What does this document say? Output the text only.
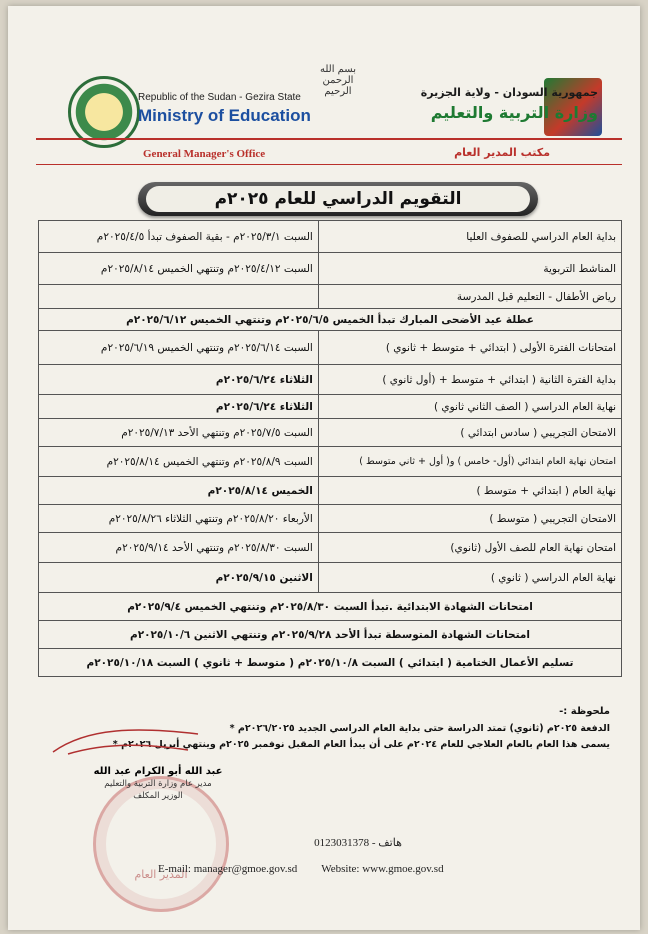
بسم الله الرحمن الرحيم
Republic of the Sudan - Gezira State
Ministry of Education
جمهورية السودان - ولاية الجزيرة
وزارة التربية والتعليم
General Manager's Office	مكتب المدير العام
التقويم الدراسي للعام ٢٠٢٥م
بداية العام الدراسي للصفوف العليا	السبت ٢٠٢٥/٣/١م - بقية الصفوف تبدأ ٢٠٢٥/٤/٥م
المناشط التربوية	السبت ٢٠٢٥/٤/١٢م وتنتهي الخميس ٢٠٢٥/٨/١٤م
رياض الأطفال - التعليم قبل المدرسة	
عطلة عيد الأضحى المبارك تبدأ الخميس ٢٠٢٥/٦/٥م وتنتهي الخميس ٢٠٢٥/٦/١٢م	
امتحانات الفترة الأولى ( ابتدائي + متوسط + ثانوي )	السبت ٢٠٢٥/٦/١٤م وتنتهي الخميس ٢٠٢٥/٦/١٩م
بداية الفترة الثانية ( ابتدائي + متوسط + (أول ثانوي )	الثلاثاء ٢٠٢٥/٦/٢٤م
نهاية العام الدراسي ( الصف الثاني ثانوي )	الثلاثاء ٢٠٢٥/٦/٢٤م
الامتحان التجريبي ( سادس ابتدائي )	السبت ٢٠٢٥/٧/٥م وتنتهي الأحد ٢٠٢٥/٧/١٣م
امتحان نهاية العام ابتدائي (أول- خامس ) و( أول + ثاني متوسط )	السبت ٢٠٢٥/٨/٩م وتنتهي الخميس ٢٠٢٥/٨/١٤م
نهاية العام ( ابتدائي + متوسط )	الخميس ٢٠٢٥/٨/١٤م
الامتحان التجريبي ( متوسط )	الأربعاء ٢٠٢٥/٨/٢٠م وتنتهي الثلاثاء ٢٠٢٥/٨/٢٦م
امتحان نهاية العام للصف الأول (ثانوي)	السبت ٢٠٢٥/٨/٣٠م وتنتهي الأحد ٢٠٢٥/٩/١٤م
نهاية العام الدراسي ( ثانوي )	الاثنين ٢٠٢٥/٩/١٥م
امتحانات الشهادة الابتدائية .تبدأ السبت ٢٠٢٥/٨/٣٠م وتنتهي الخميس ٢٠٢٥/٩/٤م	
امتحانات الشهادة المتوسطة تبدأ الأحد ٢٠٢٥/٩/٢٨م وتنتهي الاثنين ٢٠٢٥/١٠/٦م	
تسليم الأعمال الختامية ( ابتدائي ) السبت ٢٠٢٥/١٠/٨م ( متوسط + ثانوي ) السبت ٢٠٢٥/١٠/١٨م	
ملحوظة :-
الدفعة ٢٠٢٥م (ثانوي) تمتد الدراسة حتى بداية العام الدراسي الجديد ٢٠٢٦/٢٠٢٥م *
يسمى هذا العام بالعام العلاجي للعام ٢٠٢٤م على أن يبدأ العام المقبل نوفمبر ٢٠٢٥م وينتهي أبريل ٢٠٢٦م *
المدير العام
عبد الله أبو الكرام عبد الله
مدير عام وزارة التربية والتعليم
الوزير المكلف
0123031378 - هاتف
E-mail: manager@gmoe.gov.sd Website: www.gmoe.gov.sd
